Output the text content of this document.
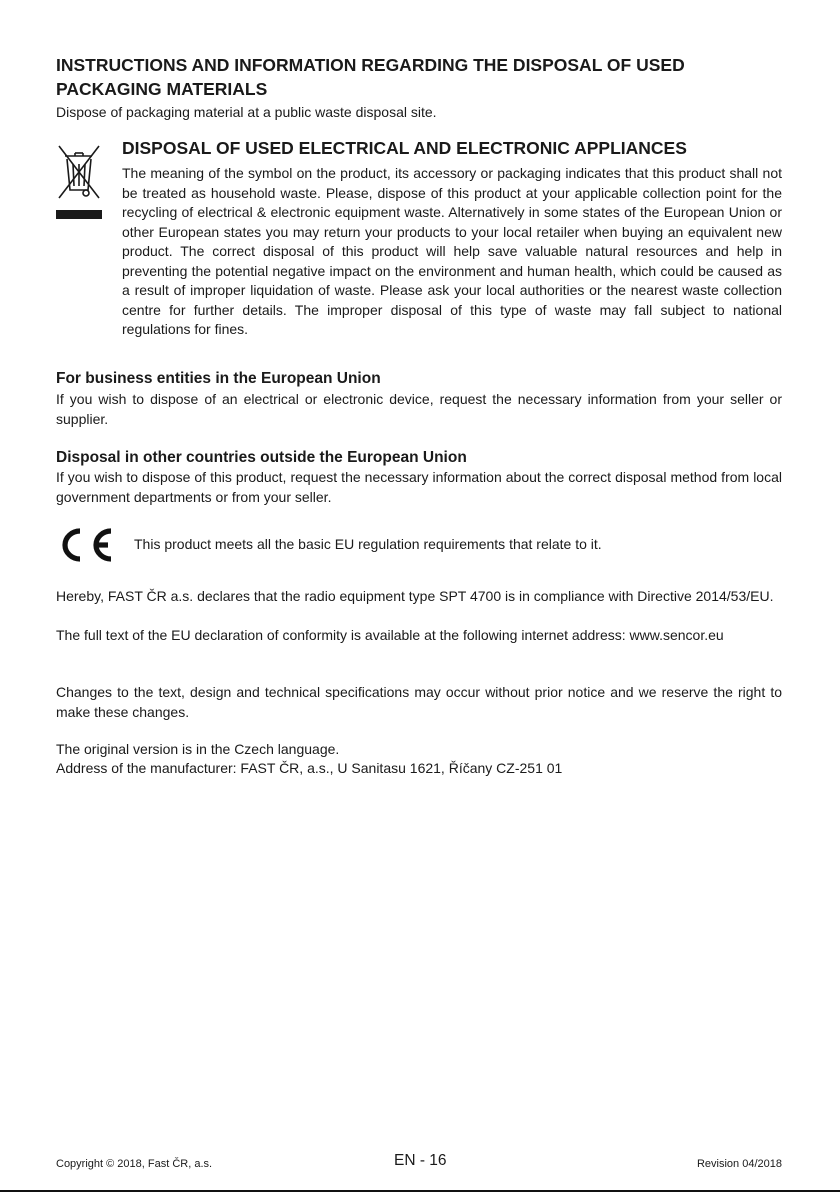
INSTRUCTIONS AND INFORMATION REGARDING THE DISPOSAL OF USED PACKAGING MATERIALS

Dispose of packaging material at a public waste disposal site.

DISPOSAL OF USED ELECTRICAL AND ELECTRONIC APPLIANCES

The meaning of the symbol on the product, its accessory or packaging indicates that this product shall not be treated as household waste. Please, dispose of this product at your applicable collection point for the recycling of electrical & electronic equipment waste. Alternatively in some states of the European Union or other European states you may return your products to your local retailer when buying an equivalent new product. The correct disposal of this product will help save valuable natural resources and help in preventing the potential negative impact on the environment and human health, which could be caused as a result of improper liquidation of waste. Please ask your local authorities or the nearest waste collection centre for further details. The improper disposal of this type of waste may fall subject to national regulations for fines.

For business entities in the European Union

If you wish to dispose of an electrical or electronic device, request the necessary information from your seller or supplier.

Disposal in other countries outside the European Union

If you wish to dispose of this product, request the necessary information about the correct disposal method from local government departments or from your seller.

This product meets all the basic EU regulation requirements that relate to it.

Hereby, FAST ČR a.s. declares that the radio equipment type SPT 4700 is in compliance with Directive 2014/53/EU.

The full text of the EU declaration of conformity is available at the following internet address: www.sencor.eu

Changes to the text, design and technical specifications may occur without prior notice and we reserve the right to make these changes.

The original version is in the Czech language.

Address of the manufacturer: FAST ČR, a.s., U Sanitasu 1621, Říčany CZ-251 01

Copyright © 2018, Fast ČR, a.s.	EN - 16	Revision 04/2018
